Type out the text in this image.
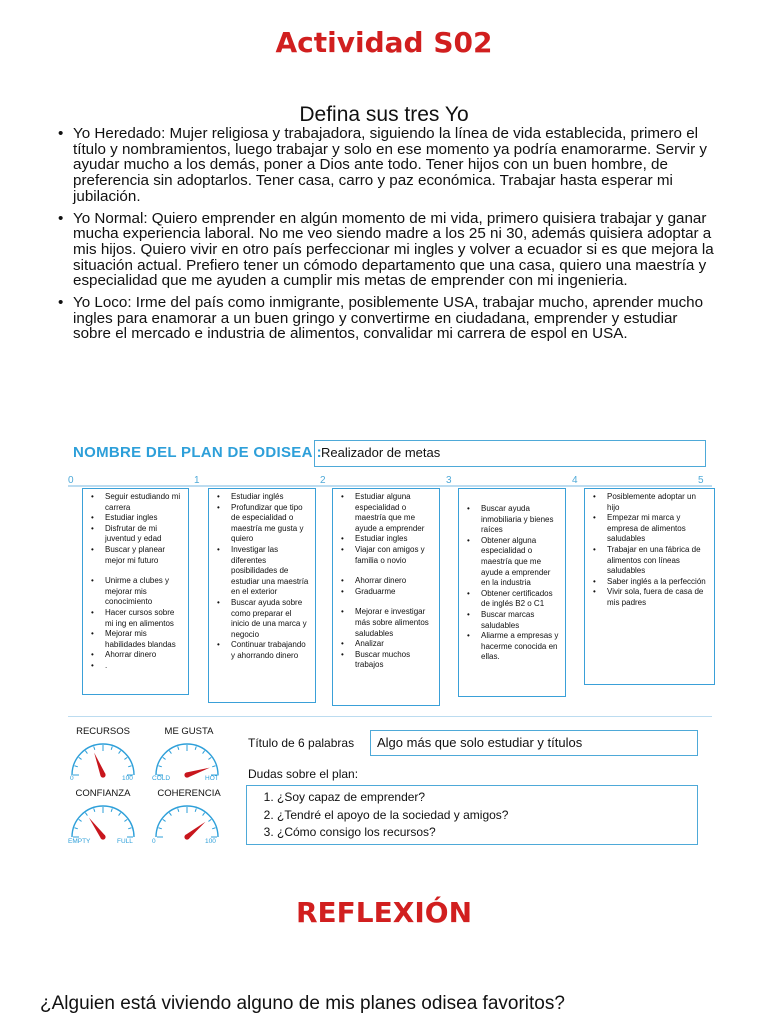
Actividad S02
Defina sus tres Yo
• Yo Heredado: Mujer religiosa y trabajadora, siguiendo la línea de vida establecida, primero el título y nombramientos, luego trabajar y solo en ese momento ya podría enamorarme. Servir y ayudar mucho a los demás, poner a Dios ante todo. Tener hijos con un buen hombre, de preferencia sin adoptarlos. Tener casa, carro y paz económica. Trabajar hasta esperar mi jubilación.
• Yo Normal: Quiero emprender en algún momento de mi vida, primero quisiera trabajar y ganar mucha experiencia laboral. No me veo siendo madre a los 25 ni 30, además quisiera adoptar a mis hijos. Quiero vivir en otro país perfeccionar mi ingles y volver a ecuador si es que mejora la situación actual. Prefiero tener un cómodo departamento que una casa, quiero una maestría y especialidad que me ayuden a cumplir mis metas de emprender con mi ingenieria.
• Yo Loco: Irme del país como inmigrante, posiblemente USA, trabajar mucho, aprender mucho ingles para enamorar a un buen gringo y convertirme en ciudadana, emprender y estudiar sobre el mercado e industria de alimentos, convalidar mi carrera de espol en USA.
NOMBRE DEL PLAN DE ODISEA : Realizador de metas
0	1	2	3	4	5
• Seguir estudiando mi carrera
• Estudiar ingles
• Disfrutar de mi juventud y edad
• Buscar y planear mejor mi futuro
• Unirme a clubes y mejorar mis conocimiento
• Hacer cursos sobre mi ing en alimentos
• Mejorar mis habilidades blandas
• Ahorrar dinero
• .
• Estudiar inglés
• Profundizar que tipo de especialidad o maestría me gusta y quiero
• Investigar las diferentes posibilidades de estudiar una maestría en el exterior
• Buscar ayuda sobre como preparar el inicio de una marca y negocio
• Continuar trabajando y ahorrando dinero
• Estudiar alguna especialidad o maestría que me ayude a emprender
• Estudiar ingles
• Viajar con amigos y familia o novio
• Ahorrar dinero
• Graduarme
• Mejorar e investigar más sobre alimentos saludables
• Analizar
• Buscar muchos trabajos
• Buscar ayuda inmobiliaria y bienes raíces
• Obtener alguna especialidad o maestría que me ayude a emprender en la industria
• Obtener certificados de inglés B2 o C1
• Buscar marcas saludables
• Aliarme a empresas y hacerme conocida en ellas.
• Posiblemente adoptar un hijo
• Empezar mi marca y empresa de alimentos saludables
• Trabajar en una fábrica de alimentos con líneas saludables
• Saber inglés a la perfección
• Vivir sola, fuera de casa de mis padres
RECURSOS	ME GUSTA
CONFIANZA	COHERENCIA
0	100	COLD	HOT
EMPTY	FULL	0	100
Título de 6 palabras	Algo más que solo estudiar y títulos
Dudas sobre el plan:
1. ¿Soy capaz de emprender?
2. ¿Tendré el apoyo de la sociedad y amigos?
3. ¿Cómo consigo los recursos?
REFLEXIÓN
¿Alguien está viviendo alguno de mis planes odisea favoritos?
